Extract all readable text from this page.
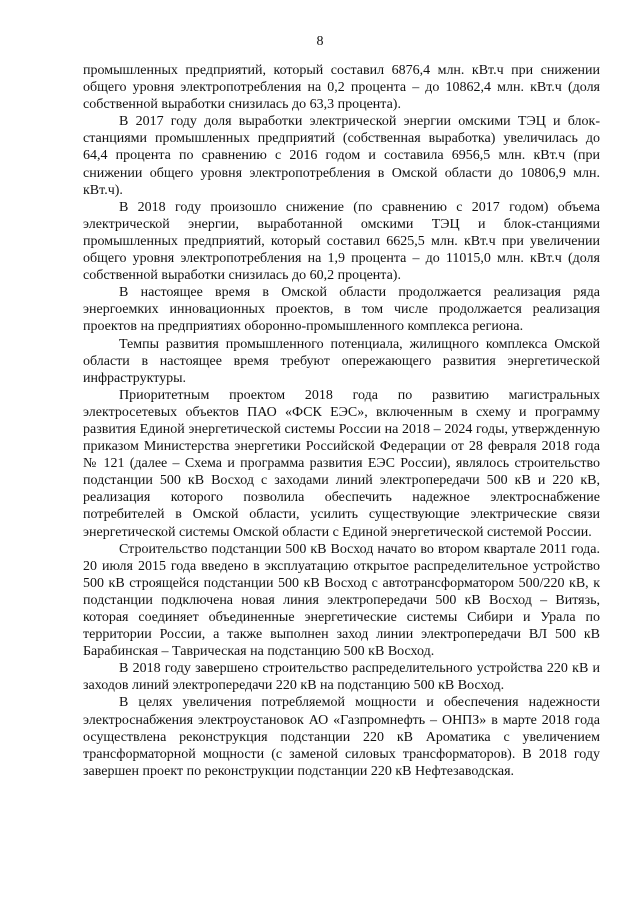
8

промышленных предприятий, который составил 6876,4 млн. кВт.ч при снижении общего уровня электропотребления на 0,2 процента – до 10862,4 млн. кВт.ч (доля собственной выработки снизилась до 63,3 процента).

В 2017 году доля выработки электрической энергии омскими ТЭЦ и блок-станциями промышленных предприятий (собственная выработка) увеличилась до 64,4 процента по сравнению с 2016 годом и составила 6956,5 млн. кВт.ч (при снижении общего уровня электропотребления в Омской области до 10806,9 млн. кВт.ч).

В 2018 году произошло снижение (по сравнению с 2017 годом) объема электрической энергии, выработанной омскими ТЭЦ и блок-станциями промышленных предприятий, который составил 6625,5 млн. кВт.ч при увеличении общего уровня электропотребления на 1,9 процента – до 11015,0 млн. кВт.ч (доля собственной выработки снизилась до 60,2 процента).

В настоящее время в Омской области продолжается реализация ряда энергоемких инновационных проектов, в том числе продолжается реализация проектов на предприятиях оборонно-промышленного комплекса региона.

Темпы развития промышленного потенциала, жилищного комплекса Омской области в настоящее время требуют опережающего развития энергетической инфраструктуры.

Приоритетным проектом 2018 года по развитию магистральных электросетевых объектов ПАО «ФСК ЕЭС», включенным в схему и программу развития Единой энергетической системы России на 2018 – 2024 годы, утвержденную приказом Министерства энергетики Российской Федерации от 28 февраля 2018 года № 121 (далее – Схема и программа развития ЕЭС России), являлось строительство подстанции 500 кВ Восход с заходами линий электропередачи 500 кВ и 220 кВ, реализация которого позволила обеспечить надежное электроснабжение потребителей в Омской области, усилить существующие электрические связи энергетической системы Омской области с Единой энергетической системой России.

Строительство подстанции 500 кВ Восход начато во втором квартале 2011 года. 20 июля 2015 года введено в эксплуатацию открытое распределительное устройство 500 кВ строящейся подстанции 500 кВ Восход с автотрансформатором 500/220 кВ, к подстанции подключена новая линия электропередачи 500 кВ Восход – Витязь, которая соединяет объединенные энергетические системы Сибири и Урала по территории России, а также выполнен заход линии электропередачи ВЛ 500 кВ Барабинская – Таврическая на подстанцию 500 кВ Восход.

В 2018 году завершено строительство распределительного устройства 220 кВ и заходов линий электропередачи 220 кВ на подстанцию 500 кВ Восход.

В целях увеличения потребляемой мощности и обеспечения надежности электроснабжения электроустановок АО «Газпромнефть – ОНПЗ» в марте 2018 года осуществлена реконструкция подстанции 220 кВ Ароматика с увеличением трансформаторной мощности (с заменой силовых трансформаторов). В 2018 году завершен проект по реконструкции подстанции 220 кВ Нефтезаводская.
